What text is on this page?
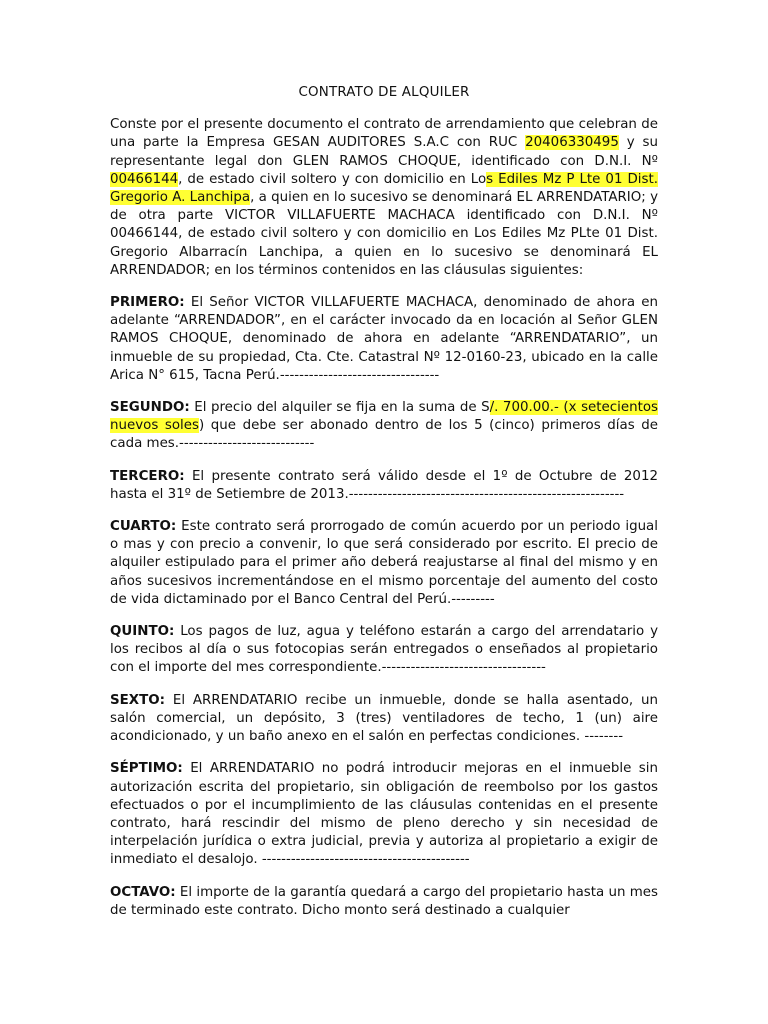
CONTRATO DE ALQUILER

Conste por el presente documento el contrato de arrendamiento que celebran de una parte la Empresa GESAN AUDITORES S.A.C con RUC 20406330495 y su representante legal don GLEN RAMOS CHOQUE, identificado con D.N.I. Nº 00466144, de estado civil soltero y con domicilio en Los Ediles Mz P Lte 01 Dist. Gregorio A. Lanchipa, a quien en lo sucesivo se denominará EL ARRENDATARIO; y de otra parte VICTOR VILLAFUERTE MACHACA identificado con D.N.I. Nº 00466144, de estado civil soltero y con domicilio en Los Ediles Mz PLte 01 Dist. Gregorio Albarracín Lanchipa, a quien en lo sucesivo se denominará EL ARRENDADOR; en los términos contenidos en las cláusulas siguientes:

PRIMERO: El Señor VICTOR VILLAFUERTE MACHACA, denominado de ahora en adelante “ARRENDADOR”, en el carácter invocado da en locación al Señor GLEN RAMOS CHOQUE, denominado de ahora en adelante “ARRENDATARIO”, un inmueble de su propiedad, Cta. Cte. Catastral Nº 12-0160-23, ubicado en la calle Arica N° 615, Tacna Perú.---------------------------------

SEGUNDO: El precio del alquiler se fija en la suma de S/. 700.00.- (x setecientos nuevos soles) que debe ser abonado dentro de los 5 (cinco) primeros días de cada mes.----------------------------

TERCERO: El presente contrato será válido desde el 1º de Octubre de 2012 hasta el 31º de Setiembre de 2013.---------------------------------------------------------

CUARTO: Este contrato será prorrogado de común acuerdo por un periodo igual o mas y con precio a convenir, lo que será considerado por escrito. El precio de alquiler estipulado para el primer año deberá reajustarse al final del mismo y en años sucesivos incrementándose en el mismo porcentaje del aumento del costo de vida dictaminado por el Banco Central del Perú.---------

QUINTO: Los pagos de luz, agua y teléfono estarán a cargo del arrendatario y los recibos al día o sus fotocopias serán entregados o enseñados al propietario con el importe del mes correspondiente.----------------------------------

SEXTO: El ARRENDATARIO recibe un inmueble, donde se halla asentado, un salón comercial, un depósito, 3 (tres) ventiladores de techo, 1 (un) aire acondicionado, y un baño anexo en el salón en perfectas condiciones. --------

SÉPTIMO: El ARRENDATARIO no podrá introducir mejoras en el inmueble sin autorización escrita del propietario, sin obligación de reembolso por los gastos efectuados o por el incumplimiento de las cláusulas contenidas en el presente contrato, hará rescindir del mismo de pleno derecho y sin necesidad de interpelación jurídica o extra judicial, previa y autoriza al propietario a exigir de inmediato el desalojo. -------------------------------------------

OCTAVO: El importe de la garantía quedará a cargo del propietario hasta un mes de terminado este contrato. Dicho monto será destinado a cualquier
